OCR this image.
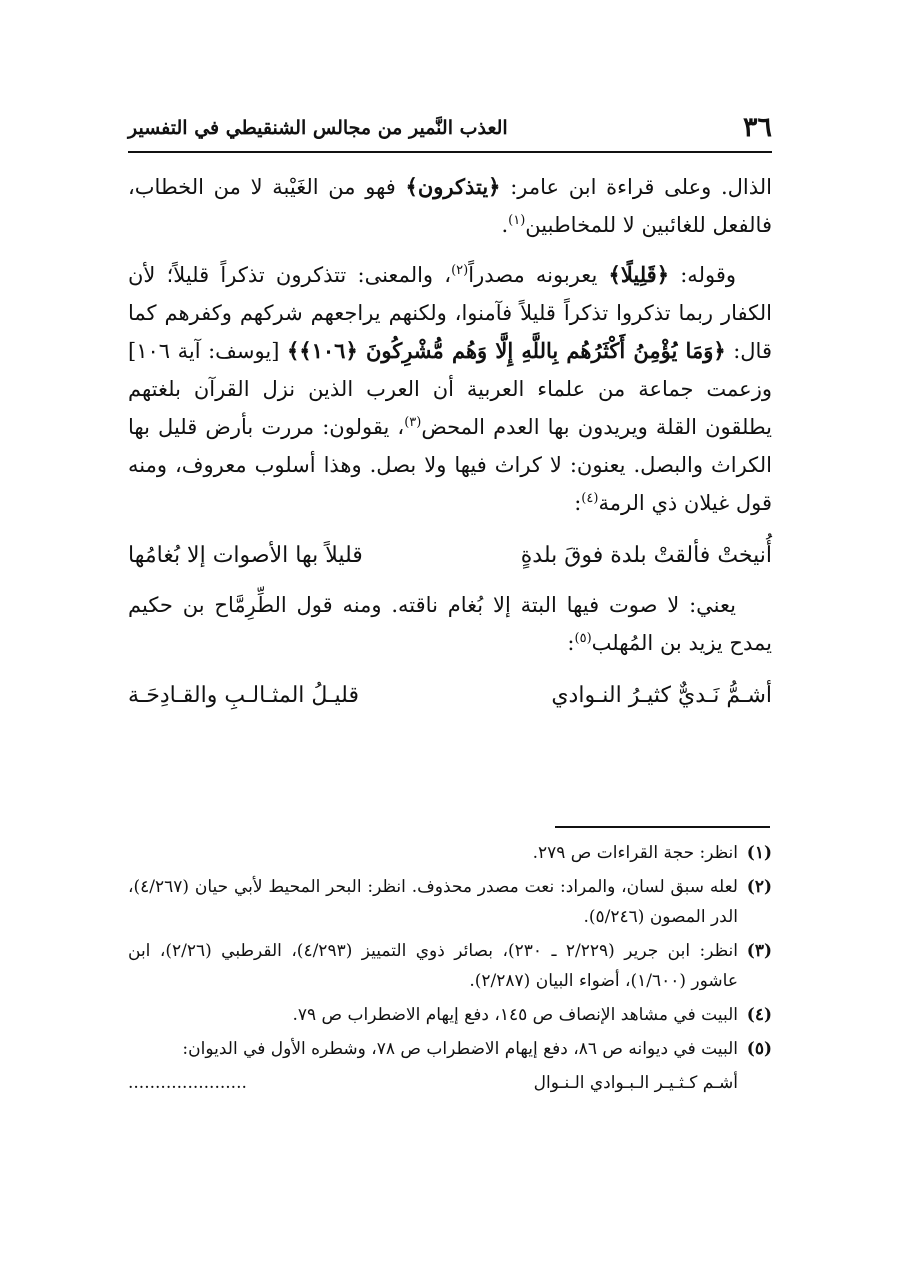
٣٦
العذب النَّمير من مجالس الشنقيطي في التفسير

الذال. وعلى قراءة ابن عامر: ﴿يتذكرون﴾ فهو من الغَيْبة لا من الخطاب، فالفعل للغائبين لا للمخاطبين$^{(١)}$.

وقوله: ﴿قَلِيلًا﴾ يعربونه مصدراً$^{(٢)}$، والمعنى: تتذكرون تذكراً قليلاً؛ لأن الكفار ربما تذكروا تذكراً قليلاً فآمنوا، ولكنهم يراجعهم شركهم وكفرهم كما قال: ﴿وَمَا يُؤْمِنُ أَكْثَرُهُم بِاللَّهِ إِلَّا وَهُم مُّشْرِكُونَ ﴿١٠٦﴾﴾ [يوسف: آية ١٠٦] وزعمت جماعة من علماء العربية أن العرب الذين نزل القرآن بلغتهم يطلقون القلة ويريدون بها العدم المحض$^{(٣)}$، يقولون: مررت بأرض قليل بها الكراث والبصل. يعنون: لا كراث فيها ولا بصل. وهذا أسلوب معروف، ومنه قول غيلان ذي الرمة$^{(٤)}$:

أُنيختْ فألقتْ بلدة فوقَ بلدةٍ
قليلاً بها الأصوات إلا بُغامُها

يعني: لا صوت فيها البتة إلا بُغام ناقته. ومنه قول الطِّرِمَّاح بن حكيم يمدح يزيد بن المُهلب$^{(٥)}$:

أشـمُّ نَـديٌّ كثيـرُ النـوادي
قليـلُ المثـالـبِ والقـادِحَـة
(١)
انظر: حجة القراءات ص ٢٧٩.
(٢)
لعله سبق لسان، والمراد: نعت مصدر محذوف. انظر: البحر المحيط لأبي حيان (٤/٢٦٧)، الدر المصون (٥/٢٤٦).
(٣)
انظر: ابن جرير (٢/٢٢٩ ـ ٢٣٠)، بصائر ذوي التمييز (٤/٢٩٣)، القرطبي (٢/٢٦)، ابن عاشور (١/٦٠٠)، أضواء البيان (٢/٢٨٧).
(٤)
البيت في مشاهد الإنصاف ص ١٤٥، دفع إيهام الاضطراب ص ٧٩.
(٥)
البيت في ديوانه ص ٨٦، دفع إيهام الاضطراب ص ٧٨، وشطره الأول في الديوان:
أشـم كـثـيـر الـبـوادي الـنـوال
......................
